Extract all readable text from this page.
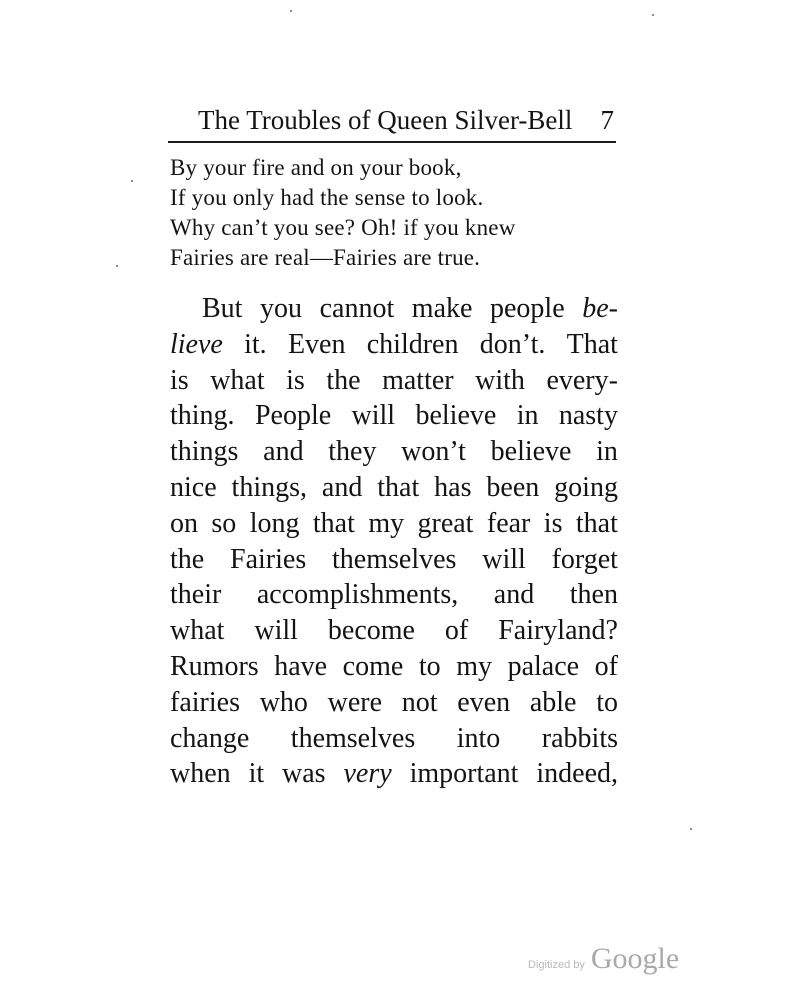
The Troubles of Queen Silver-Bell 7
By your fire and on your book,
If you only had the sense to look.
Why can’t you see? Oh! if you knew
Fairies are real—Fairies are true.
But you cannot make people be-
lieve it. Even children don’t. That
is what is the matter with every-
thing. People will believe in nasty
things and they won’t believe in
nice things, and that has been going
on so long that my great fear is that
the Fairies themselves will forget
their accomplishments, and then
what will become of Fairyland?
Rumors have come to my palace of
fairies who were not even able to
change themselves into rabbits
when it was very important indeed,
Digitized by Google
